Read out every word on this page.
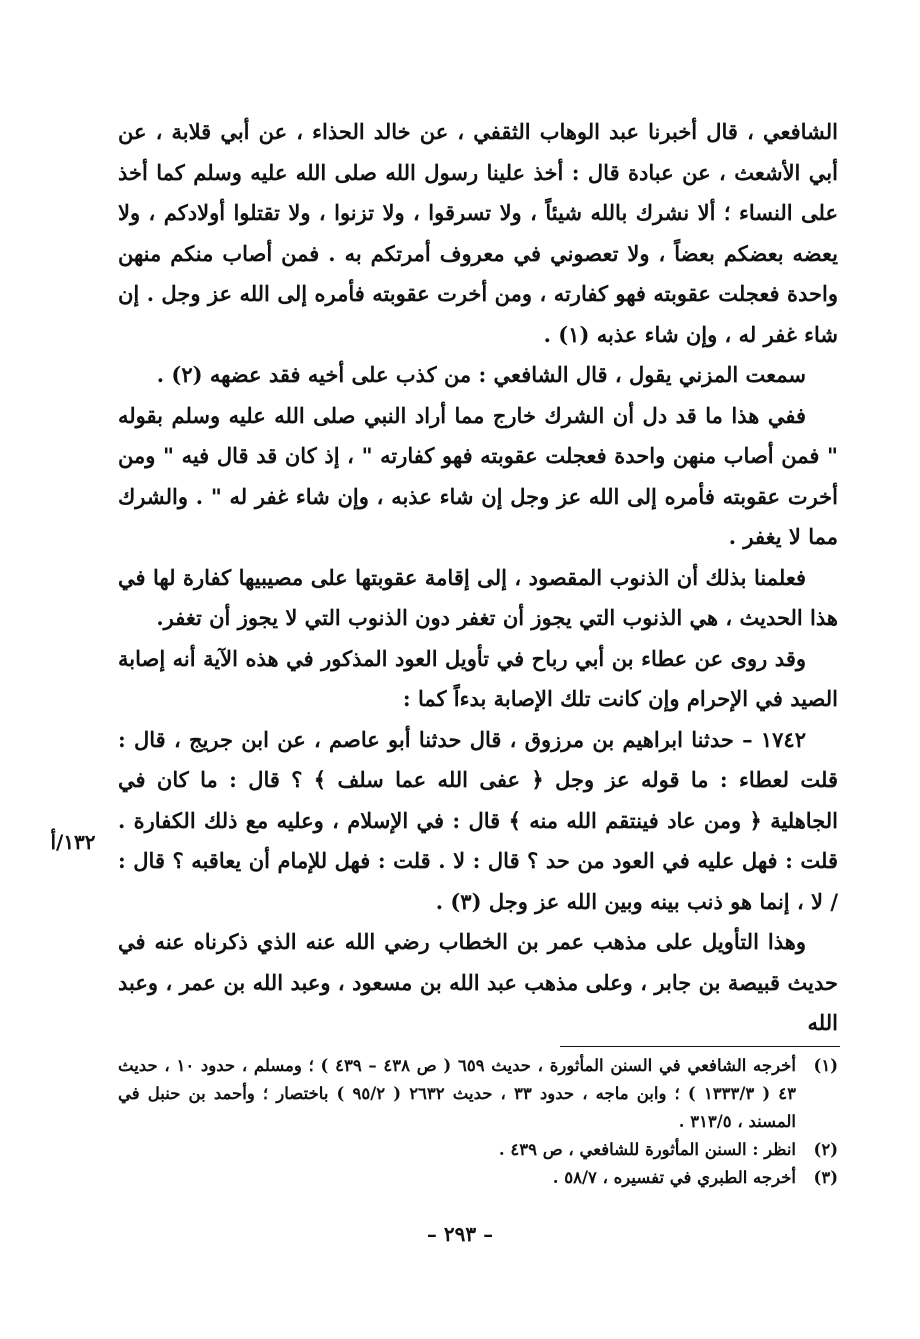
الشافعي ، قال أخبرنا عبد الوهاب الثقفي ، عن خالد الحذاء ، عن أبي قلابة ، عن أبي الأشعث ، عن عبادة قال : أخذ علينا رسول الله صلى الله عليه وسلم كما أخذ على النساء ؛ ألا نشرك بالله شيئاً ، ولا تسرقوا ، ولا تزنوا ، ولا تقتلوا أولادكم ، ولا يعضه بعضكم بعضاً ، ولا تعصوني في معروف أمرتكم به . فمن أصاب منكم منهن واحدة فعجلت عقوبته فهو كفارته ، ومن أخرت عقوبته فأمره إلى الله عز وجل . إن شاء غفر له ، وإن شاء عذبه (١) .

سمعت المزني يقول ، قال الشافعي : من كذب على أخيه فقد عضهه (٢) .

ففي هذا ما قد دل أن الشرك خارج مما أراد النبي صلى الله عليه وسلم بقوله " فمن أصاب منهن واحدة فعجلت عقوبته فهو كفارته " ، إذ كان قد قال فيه " ومن أخرت عقوبته فأمره إلى الله عز وجل إن شاء عذبه ، وإن شاء غفر له " . والشرك مما لا يغفر .

فعلمنا بذلك أن الذنوب المقصود ، إلى إقامة عقوبتها على مصيبيها كفارة لها في هذا الحديث ، هي الذنوب التي يجوز أن تغفر دون الذنوب التي لا يجوز أن تغفر.

وقد روى عن عطاء بن أبي رباح في تأويل العود المذكور في هذه الآية أنه إصابة الصيد في الإحرام وإن كانت تلك الإصابة بدءاً كما :

١٧٤٢ – حدثنا ابراهيم بن مرزوق ، قال حدثنا أبو عاصم ، عن ابن جريج ، قال : قلت لعطاء : ما قوله عز وجل ﴿ عفى الله عما سلف ﴾ ؟ قال : ما كان في الجاهلية ﴿ ومن عاد فينتقم الله منه ﴾ قال : في الإسلام ، وعليه مع ذلك الكفارة . قلت : فهل عليه في العود من حد ؟ قال : لا . قلت : فهل للإمام أن يعاقبه ؟ قال : / لا ، إنما هو ذنب بينه وبين الله عز وجل (٣) .

وهذا التأويل على مذهب عمر بن الخطاب رضي الله عنه الذي ذكرناه عنه في حديث قبيصة بن جابر ، وعلى مذهب عبد الله بن مسعود ، وعبد الله بن عمر ، وعبد الله

١٣٢/أ
(١)
أخرجه الشافعي في السنن المأثورة ، حديث ٦٥٩ ( ص ٤٣٨ – ٤٣٩ ) ؛ ومسلم ، حدود ١٠ ، حديث ٤٣ ( ١٣٣٣/٣ ) ؛ وابن ماجه ، حدود ٣٣ ، حديث ٢٦٣٢ ( ٩٥/٢ ) باختصار ؛ وأحمد بن حنبل في المسند ، ٣١٣/٥ .
(٢)
انظر : السنن المأثورة للشافعي ، ص ٤٣٩ .
(٣)
أخرجه الطبري في تفسيره ، ٥٨/٧ .
– ٢٩٣ –
